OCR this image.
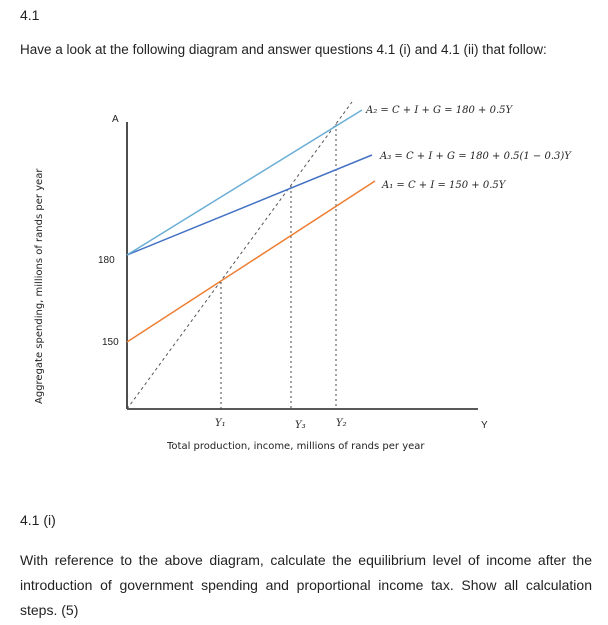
4.1
Have a look at the following diagram and answer questions 4.1 (i) and 4.1 (ii) that follow:
A₂ = C + I + G = 180 + 0.5Y
A₃ = C + I + G = 180 + 0.5(1 − 0.3)Y
A₁ = C + I = 150 + 0.5Y
A
180
150
Y₁	Y₃	Y₂	Y
Total production, income, millions of rands per year
Aggregate spending, millions of rands per year
4.1 (i)
With reference to the above diagram, calculate the equilibrium level of income after the introduction of government spending and proportional income tax. Show all calculation steps. (5)
